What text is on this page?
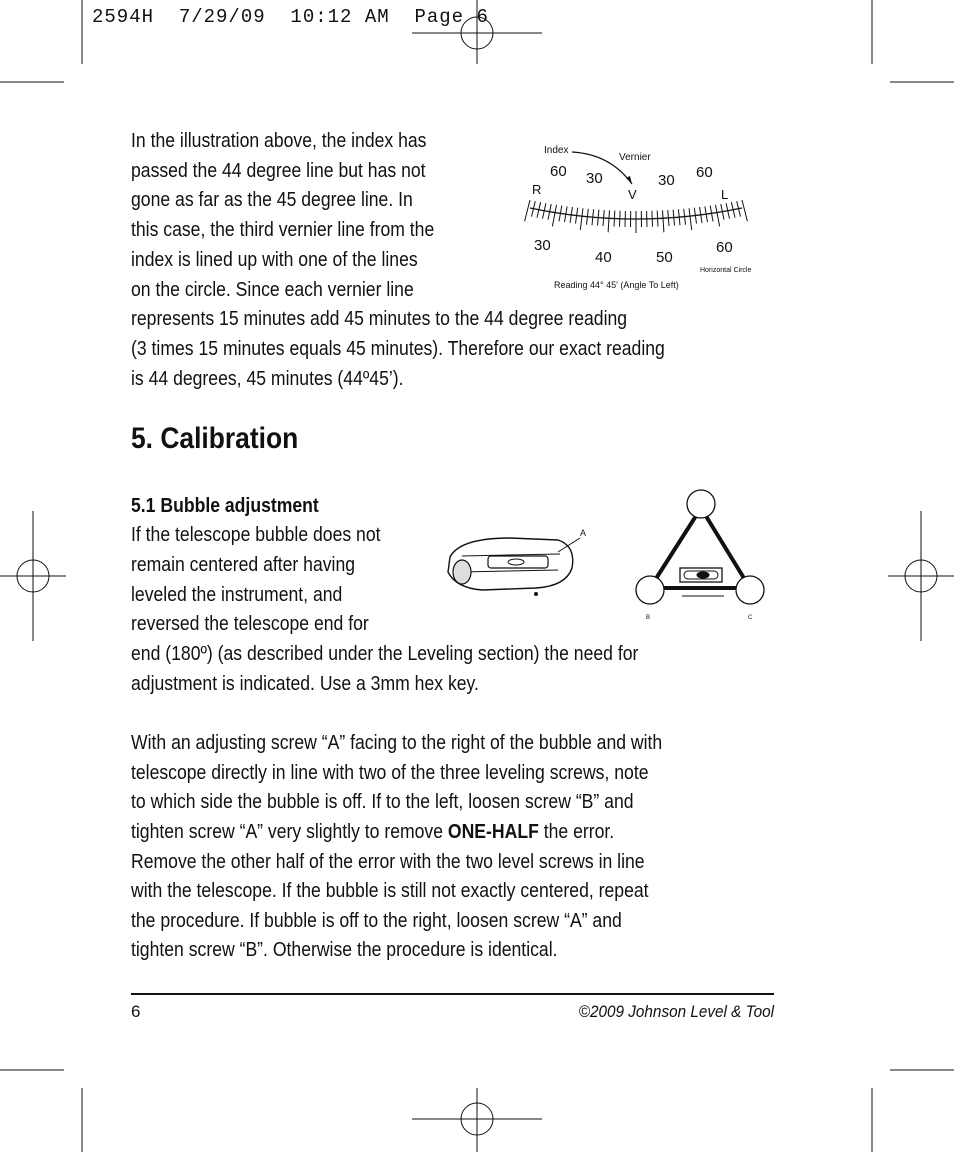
2594H  7/29/09  10:12 AM  Page 6
In the illustration above, the index has
passed the 44 degree line but has not
gone as far as the 45 degree line. In
this case, the third vernier line from the
index is lined up with one of the lines
on the circle. Since each vernier line
represents 15 minutes add 45 minutes to the 44 degree reading
(3 times 15 minutes equals 45 minutes). Therefore our exact reading
is 44 degrees, 45 minutes (44º45’).
Index
Vernier
60 30	30 60
R	V	L
30
40	50
60
Horizontal Circle
Reading 44° 45' (Angle To Left)
5. Calibration
5.1 Bubble adjustment
If the telescope bubble does not
remain centered after having
leveled the instrument, and
reversed the telescope end for
end (180º) (as described under the Leveling section) the need for
adjustment is indicated. Use a 3mm hex key.
A
B	C
With an adjusting screw “A” facing to the right of the bubble and with
telescope directly in line with two of the three leveling screws, note
to which side the bubble is off. If to the left, loosen screw “B” and
tighten screw “A” very slightly to remove ONE-HALF the error.
Remove the other half of the error with the two level screws in line
with the telescope. If the bubble is still not exactly centered, repeat
the procedure. If bubble is off to the right, loosen screw “A” and
tighten screw “B”. Otherwise the procedure is identical.
6	©2009 Johnson Level & Tool
